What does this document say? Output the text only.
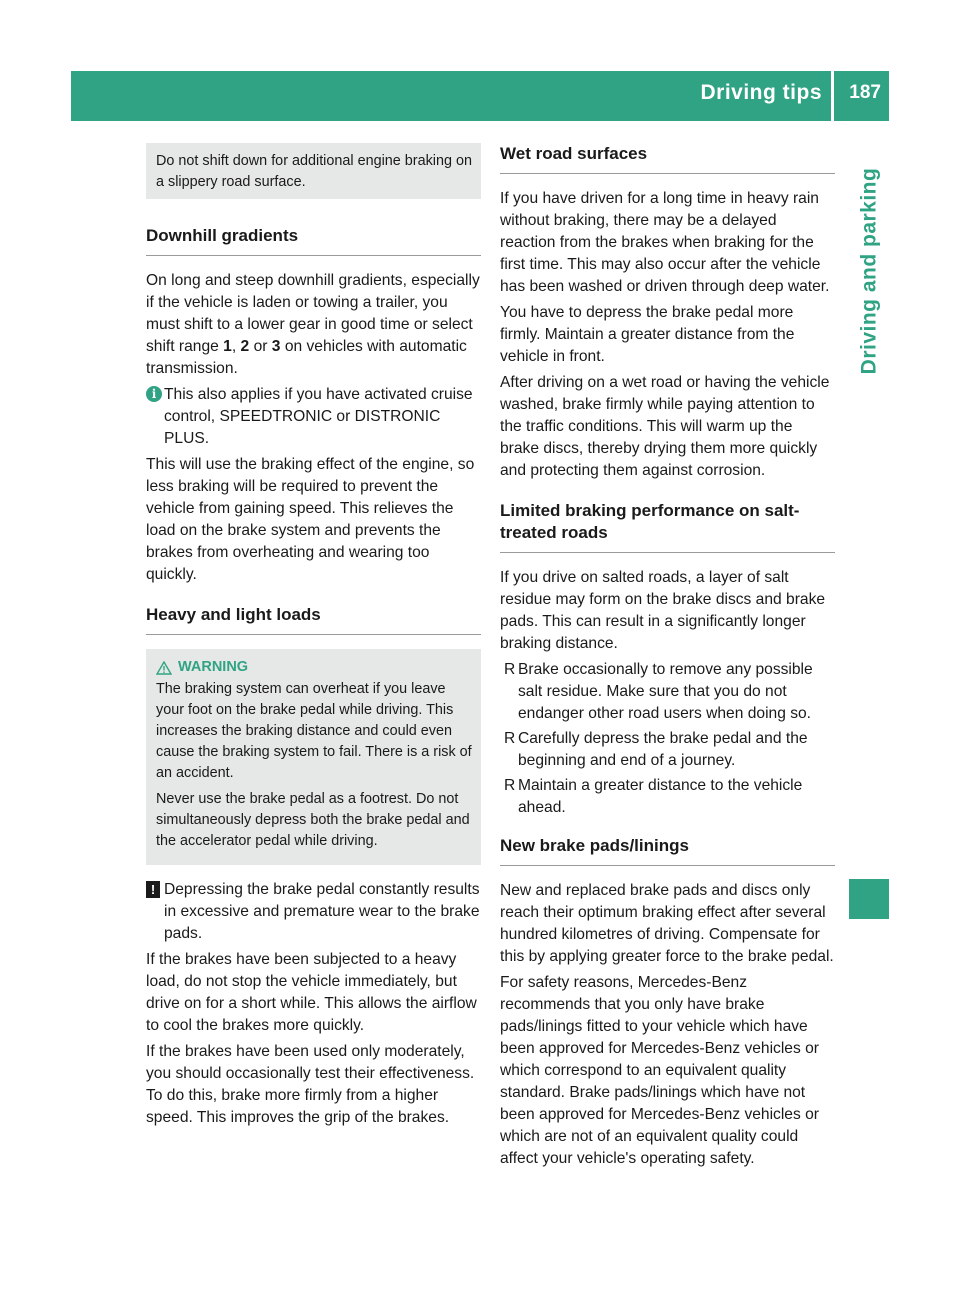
Driving tips 187
Driving and parking
Do not shift down for additional engine braking on a slippery road surface.
Downhill gradients

On long and steep downhill gradients, especially if the vehicle is laden or towing a trailer, you must shift to a lower gear in good time or select shift range 1, 2 or 3 on vehicles with automatic transmission.

i This also applies if you have activated cruise control, SPEEDTRONIC or DISTRONIC PLUS.

This will use the braking effect of the engine, so less braking will be required to prevent the vehicle from gaining speed. This relieves the load on the brake system and prevents the brakes from overheating and wearing too quickly.

Heavy and light loads
WARNING

The braking system can overheat if you leave your foot on the brake pedal while driving. This increases the braking distance and could even cause the braking system to fail. There is a risk of an accident.

Never use the brake pedal as a footrest. Do not simultaneously depress both the brake pedal and the accelerator pedal while driving.

! Depressing the brake pedal constantly results in excessive and premature wear to the brake pads.

If the brakes have been subjected to a heavy load, do not stop the vehicle immediately, but drive on for a short while. This allows the airflow to cool the brakes more quickly.

If the brakes have been used only moderately, you should occasionally test their effectiveness. To do this, brake more firmly from a higher speed. This improves the grip of the brakes.

Wet road surfaces

If you have driven for a long time in heavy rain without braking, there may be a delayed reaction from the brakes when braking for the first time. This may also occur after the vehicle has been washed or driven through deep water.

You have to depress the brake pedal more firmly. Maintain a greater distance from the vehicle in front.

After driving on a wet road or having the vehicle washed, brake firmly while paying attention to the traffic conditions. This will warm up the brake discs, thereby drying them more quickly and protecting them against corrosion.

Limited braking performance on salt-treated roads

If you drive on salted roads, a layer of salt residue may form on the brake discs and brake pads. This can result in a significantly longer braking distance.

R Brake occasionally to remove any possible salt residue. Make sure that you do not endanger other road users when doing so.
R Carefully depress the brake pedal and the beginning and end of a journey.
R Maintain a greater distance to the vehicle ahead.
New brake pads/linings

New and replaced brake pads and discs only reach their optimum braking effect after several hundred kilometres of driving. Compensate for this by applying greater force to the brake pedal.

For safety reasons, Mercedes-Benz recommends that you only have brake pads/linings fitted to your vehicle which have been approved for Mercedes-Benz vehicles or which correspond to an equivalent quality standard. Brake pads/linings which have not been approved for Mercedes-Benz vehicles or which are not of an equivalent quality could affect your vehicle's operating safety.
